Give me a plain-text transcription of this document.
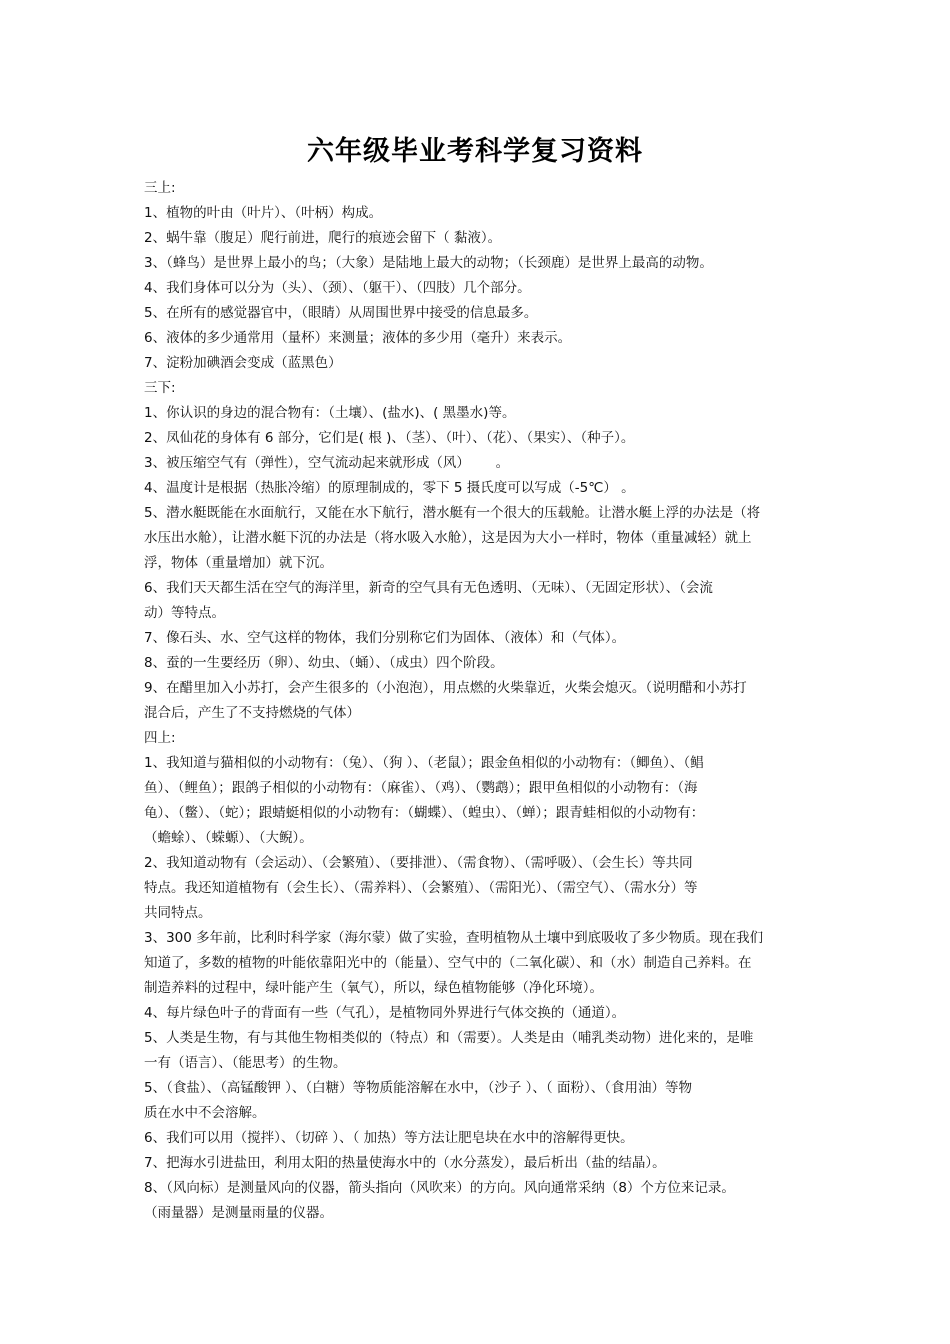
六年级毕业考科学复习资料
三上:
1、植物的叶由（叶片）、（叶柄）构成。
2、蜗牛靠（腹足）爬行前进，爬行的痕迹会留下（ 黏液）。
3、（蜂鸟）是世界上最小的鸟；（大象）是陆地上最大的动物；（长颈鹿）是世界上最高的动物。
4、我们身体可以分为（头）、（颈）、（躯干）、（四肢）几个部分。
5、在所有的感觉器官中，（眼睛）从周围世界中接受的信息最多。
6、液体的多少通常用（量杯）来测量；液体的多少用（毫升）来表示。
7、淀粉加碘酒会变成（蓝黑色）
三下:
1、你认识的身边的混合物有：（土壤）、(盐水)、( 黑墨水)等。
2、凤仙花的身体有 6 部分，它们是( 根 )、（茎）、（叶）、（花）、（果实）、（种子）。
3、被压缩空气有（弹性），空气流动起来就形成（风）      。
4、温度计是根据（热胀冷缩）的原理制成的，零下 5 摄氏度可以写成（-5℃） 。
5、潜水艇既能在水面航行，又能在水下航行，潜水艇有一个很大的压载舱。让潜水艇上浮的办法是（将
水压出水舱），让潜水艇下沉的办法是（将水吸入水舱），这是因为大小一样时，物体（重量减轻）就上
浮，物体（重量增加）就下沉。
6、我们天天都生活在空气的海洋里，新奇的空气具有无色透明、（无味）、（无固定形状）、（会流
动）等特点。
7、像石头、水、空气这样的物体，我们分别称它们为固体、（液体）和（气体）。
8、蚕的一生要经历（卵）、幼虫、（蛹）、（成虫）四个阶段。
9、在醋里加入小苏打，会产生很多的（小泡泡），用点燃的火柴靠近，火柴会熄灭。（说明醋和小苏打
混合后，产生了不支持燃烧的气体）
四上:
1、我知道与猫相似的小动物有：（兔）、（狗 ）、（老鼠）；跟金鱼相似的小动物有：（鲫鱼）、（鲳
鱼）、（鲤鱼）；跟鸽子相似的小动物有：（麻雀）、（鸡）、（鹦鹉）；跟甲鱼相似的小动物有：（海
龟）、（鳖）、（蛇）；跟蜻蜓相似的小动物有：（蝴蝶）、（蝗虫）、（蝉）；跟青蛙相似的小动物有：
（蟾蜍）、（蝾螈）、（大鲵）。
2、我知道动物有（会运动）、（会繁殖）、（要排泄）、（需食物）、（需呼吸）、（会生长）等共同
特点。我还知道植物有（会生长）、（需养料）、（会繁殖）、（需阳光）、（需空气）、（需水分）等
共同特点。
3、300 多年前，比利时科学家（海尔蒙）做了实验，查明植物从土壤中到底吸收了多少物质。现在我们
知道了，多数的植物的叶能依靠阳光中的（能量）、空气中的（二氧化碳）、和（水）制造自己养料。在
制造养料的过程中，绿叶能产生（氧气），所以，绿色植物能够（净化环境）。
4、每片绿色叶子的背面有一些（气孔），是植物同外界进行气体交换的（通道）。
5、人类是生物，有与其他生物相类似的（特点）和（需要）。人类是由（哺乳类动物）进化来的，是唯
一有（语言）、（能思考）的生物。
5、（食盐）、（高锰酸钾 ）、（白糖）等物质能溶解在水中，（沙子 ）、（ 面粉）、（食用油）等物
质在水中不会溶解。
6、我们可以用（搅拌）、（切碎 ）、（ 加热）等方法让肥皂块在水中的溶解得更快。
7、把海水引进盐田，利用太阳的热量使海水中的（水分蒸发），最后析出（盐的结晶）。
8、（风向标）是测量风向的仪器，箭头指向（风吹来）的方向。风向通常采纳（8）个方位来记录。
（雨量器）是测量雨量的仪器。
